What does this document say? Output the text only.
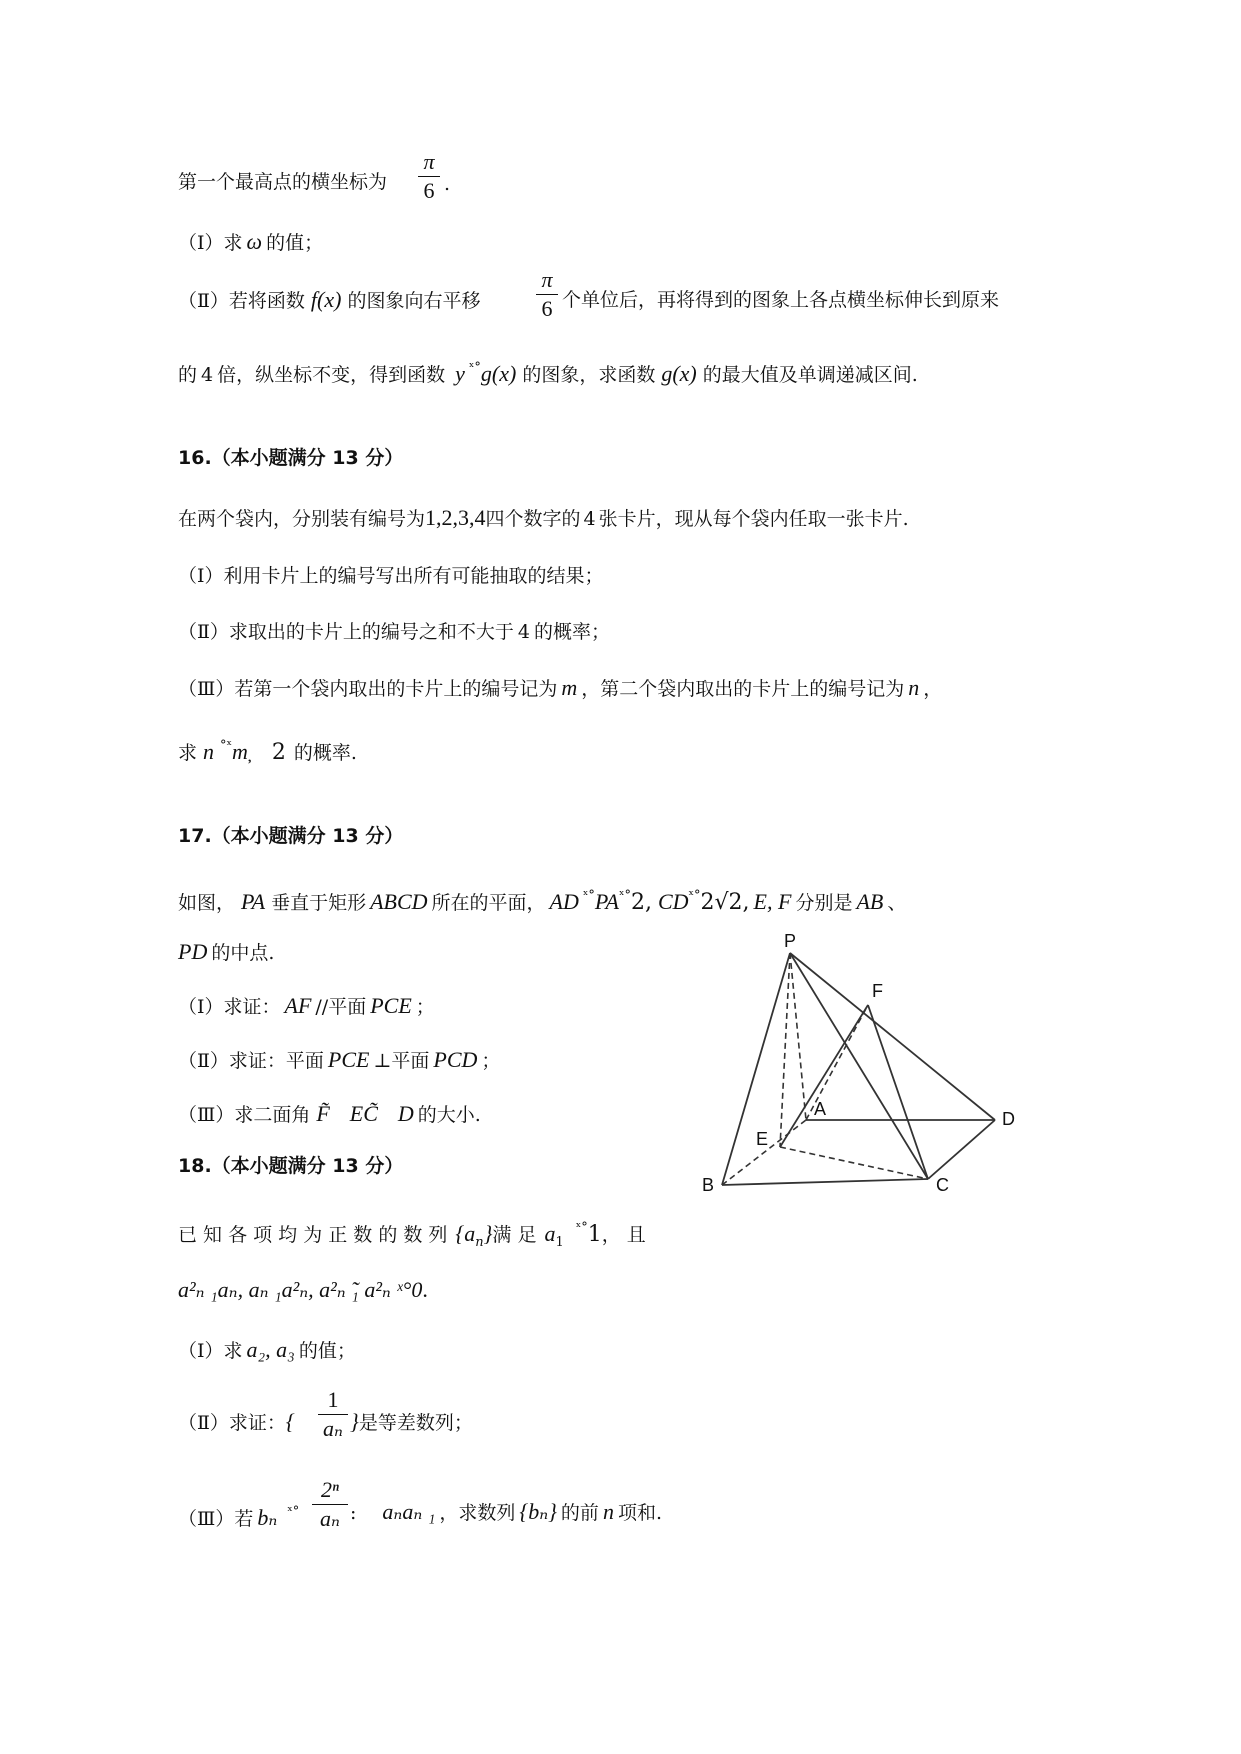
第一个最高点的横坐标为
π
6 .
（Ⅰ）求 ω 的值；
（Ⅱ）若将函数 f(x) 的图象向右平移
π
6 个单位后，再将得到的图象上各点横坐标伸长到原来
的 4 倍，纵坐标不变，得到函数 y $^{ˣ^\circ}$g(x) 的图象，求函数 g(x) 的最大值及单调递减区间.
16.（本小题满分 13 分）
在两个袋内，分别装有编号为1,2,3,4四个数字的 4 张卡片，现从每个袋内任取一张卡片.
（Ⅰ）利用卡片上的编号写出所有可能抽取的结果；
（Ⅱ）求取出的卡片上的编号之和不大于 4 的概率；
（Ⅲ）若第一个袋内取出的卡片上的编号记为 m ，第二个袋内取出的卡片上的编号记为 n ，
求 n $^{^\circ ˣ}$m̦ 2 的概率.
17.（本小题满分 13 分）
如图， PA 垂直于矩形 ABCD 所在的平面， AD $^{ˣ^\circ}PA^{ˣ^\circ}2$, $CD^{ˣ^\circ}2√2$, E, F 分别是 AB 、
PD 的中点.
（Ⅰ）求证： AF //平面 PCE ；
（Ⅱ）求证：平面 PCE ⊥平面 PCD ；
（Ⅲ）求二面角 F̃ EC̃ D 的大小.
P
F
A	D
E
B	C
18.（本小题满分 13 分）
已 知 各 项 均 为 正 数 的 数 列 $\{a_n\}$满 足 $a_1^{ˣ^\circ}1$， 且
a²ₙ ₁aₙ, aₙ ₁a²ₙ, a²ₙ ̃₁ a²ₙ ˣ°0.
（Ⅰ）求 a₂, a₃ 的值；
（Ⅱ）求证：{
1
aₙ }是等差数列；
（Ⅲ）若 bₙ $^{ˣ^\circ}$
2ⁿ
aₙ : aₙaₙ ₁ ，求数列 {bₙ} 的前 n 项和.
